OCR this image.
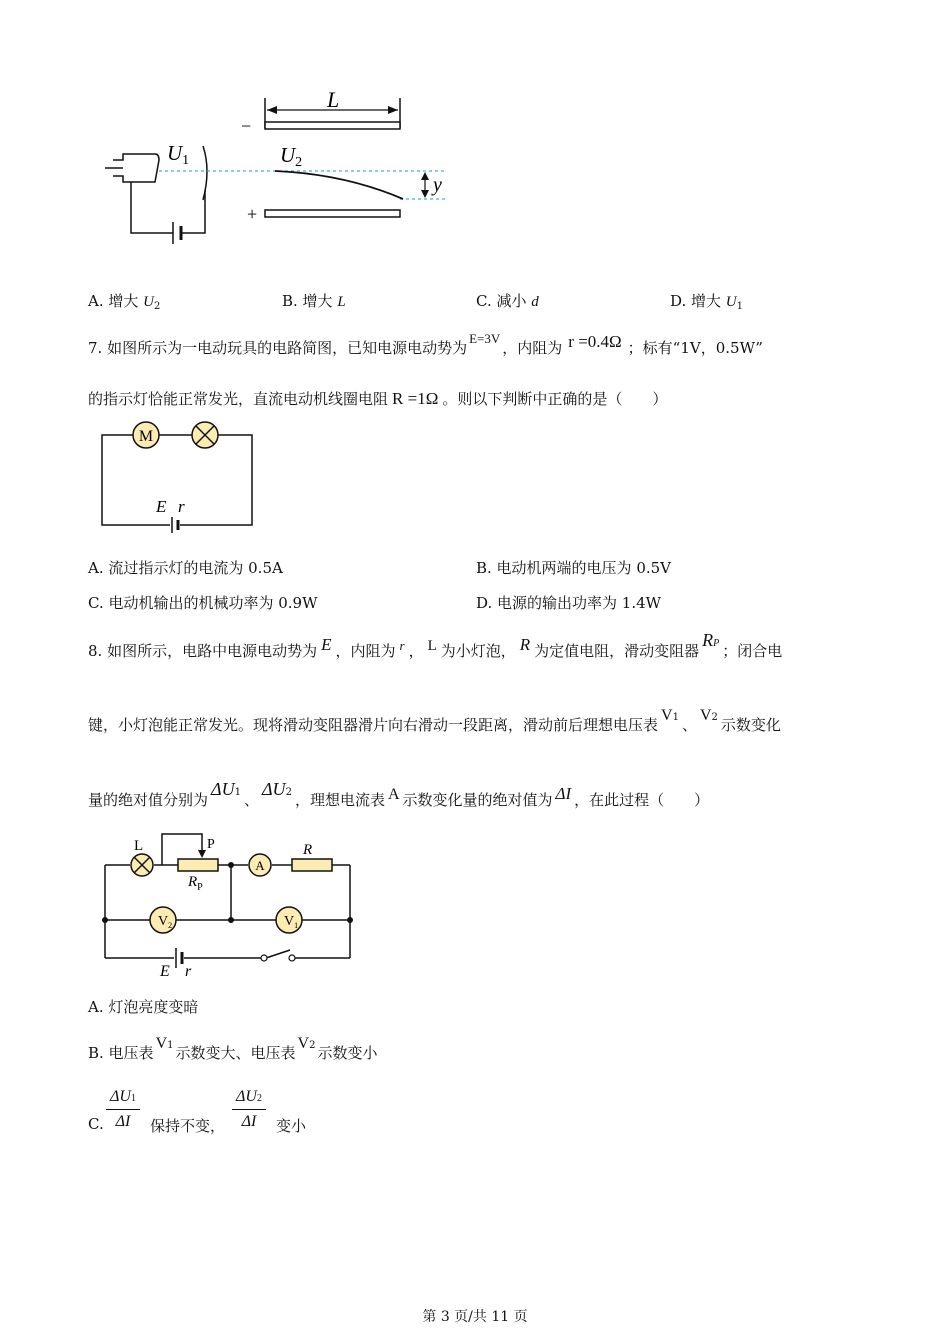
L
−
+
y
U1	U2
A. 增大 $U_2$	B. 增大 L	C. 减小 d	D. 增大 $U_1$
7. 如图所示为一电动玩具的电路简图，已知电源电动势为E=3V，内阻为 r =0.4Ω ；标有“1V，0.5W”
的指示灯恰能正常发光，直流电动机线圈电阻 R =1Ω 。则以下判断中正确的是（　　）
M
E r
A. 流过指示灯的电流为 0.5A	B. 电动机两端的电压为 0.5V
C. 电动机输出的机械功率为 0.9W	D. 电源的输出功率为 1.4W
8. 如图所示，电路中电源电动势为 E ，内阻为 r ， L 为小灯泡， R 为定值电阻，滑动变阻器RP ；闭合电
键，小灯泡能正常发光。现将滑动变阻器滑片向右滑动一段距离，滑动前后理想电压表V1 、V2 示数变化
量的绝对值分别为ΔU1 、ΔU2 ，理想电流表 A 示数变化量的绝对值为 ΔI ，在此过程（　　）
E r
L	P
$R_P$
A
R
$V_2$	$V_1$
A. 灯泡亮度变暗
B. 电压表V1 示数变大、电压表V2 示数变小
C. $\frac{\Delta U1}{\Delta I}$ 保持不变， $\frac{\Delta U2}{\Delta I}$ 变小
第 3 页/共 11 页
